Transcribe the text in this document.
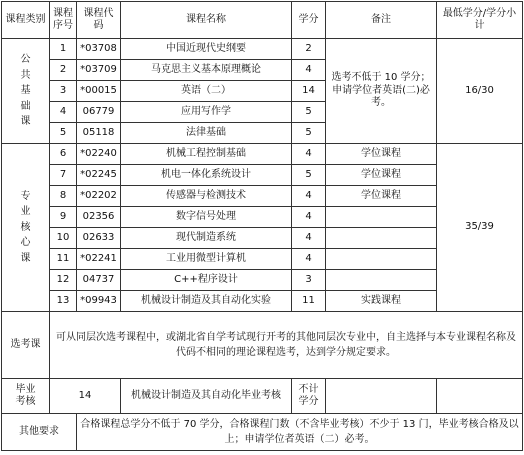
课程类别	课程序号	课程代码	课程名称	学分	备注	最低学分/学分小计
公共基础课	1	*03708	中国近现代史纲要	2	选考不低于 10 学分；申请学位者英语(二)必考。	16/30
	2	*03709	马克思主义基本原理概论	4		
	3	*00015	英语（二）	14		
	4	06779	应用写作学	5		
	5	05118	法律基础	5		
专业核心课	6	*02240	机械工程控制基础	4	学位课程	35/39
	7	*02245	机电一体化系统设计	5	学位课程	
	8	*02202	传感器与检测技术	4	学位课程	
	9	02356	数字信号处理	4		
	10	02633	现代制造系统	4		
	11	*02241	工业用微型计算机	4		
	12	04737	C++程序设计	3		
	13	*09943	机械设计制造及其自动化实验	11	实践课程	
选考课	可从同层次选考课程中，或湖北省自学考试现行开考的其他同层次专业中，自主选择与本专业课程名称及代码不相同的理论课程选考，达到学分规定要求。					
毕业考核	14		机械设计制造及其自动化毕业考核	不计学分		
其他要求		合格课程总学分不低于 70 学分，合格课程门数（不含毕业考核）不少于 13 门，毕业考核合格及以上；申请学位者英语（二）必考。				
